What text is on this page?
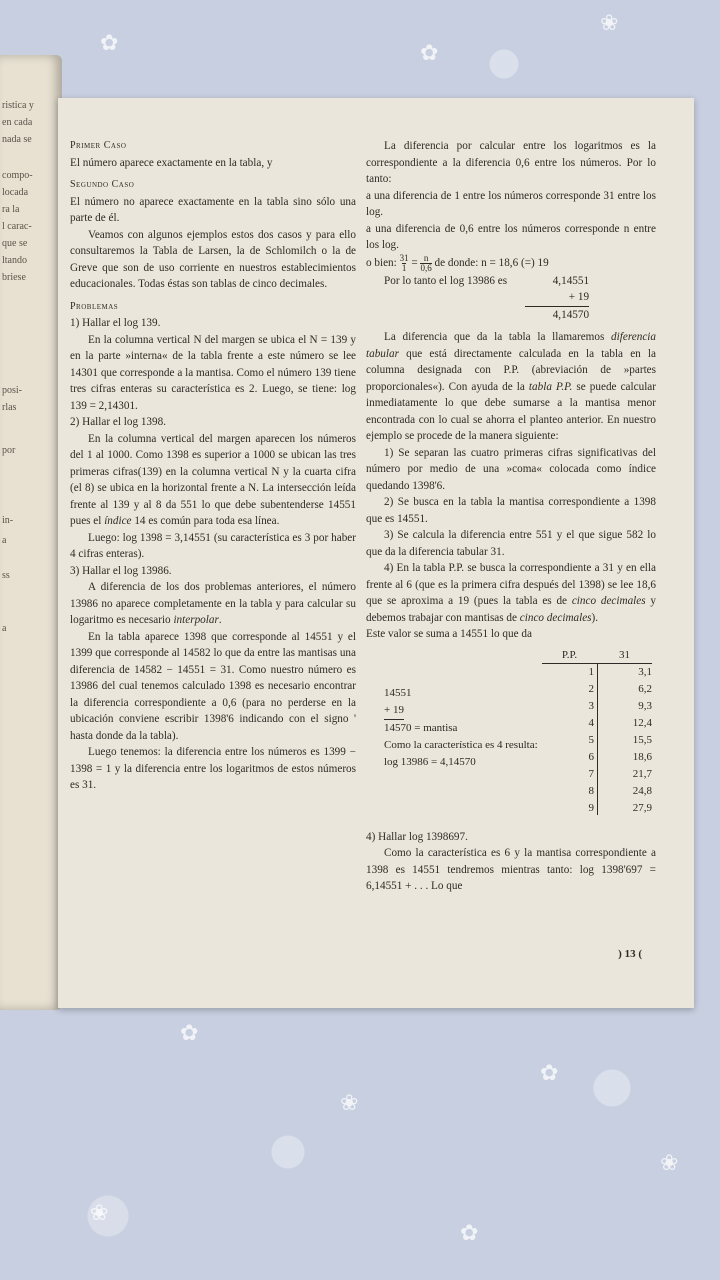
✿	✿
❀
✿
❀
✿
❀
✿
❀
ristica y
en cada
nada se
compo-
locada
ra la
l carac-
que se
ltando
briese
posi-
rlas
por
in-
a
ss
a

Primer Caso

El número aparece exactamente en la tabla, y

Segundo Caso

El número no aparece exactamente en la tabla sino sólo una parte de él.

Veamos con algunos ejemplos estos dos casos y para ello consultaremos la Tabla de Larsen, la de Schlomilch o la de Greve que son de uso corriente en nuestros establecimientos educacionales. Todas éstas son tablas de cinco decimales.

Problemas

1) Hallar el log 139.

En la columna vertical N del margen se ubica el N = 139 y en la parte »interna« de la tabla frente a este número se lee 14301 que corresponde a la mantisa. Como el número 139 tiene tres cifras enteras su característica es 2. Luego, se tiene: log 139 = 2,14301.

2) Hallar el log 1398.

En la columna vertical del margen aparecen los números del 1 al 1000. Como 1398 es superior a 1000 se ubican las tres primeras cifras(139) en la columna vertical N y la cuarta cifra (el 8) se ubica en la horizontal frente a N. La intersección leída frente al 139 y al 8 da 551 lo que debe subentenderse 14551 pues el índice 14 es común para toda esa línea.

Luego: log 1398 = 3,14551 (su característica es 3 por haber 4 cifras enteras).

3) Hallar el log 13986.

A diferencia de los dos problemas anteriores, el número 13986 no aparece completamente en la tabla y para calcular su logaritmo es necesario interpolar.

En la tabla aparece 1398 que corresponde al 14551 y el 1399 que corresponde al 14582 lo que da entre las mantisas una diferencia de 14582 − 14551 = 31. Como nuestro número es 13986 del cual tenemos calculado 1398 es necesario encontrar la diferencia correspondiente a 0,6 (para no perderse en la ubicación conviene escribir 1398'6 indicando con el signo ' hasta donde da la tabla).

Luego tenemos: la diferencia entre los números es 1399 − 1398 = 1 y la diferencia entre los logaritmos de estos números es 31.

La diferencia por calcular entre los logaritmos es la correspondiente a la diferencia 0,6 entre los números. Por lo tanto:

a una diferencia de 1 entre los números corresponde 31 entre los log.

a una diferencia de 0,6 entre los números corresponde n entre los log.

o bien: $\frac{31}{1} = \frac{n}{0,6}$ de donde: n = 18,6 (=) 19

Por lo tanto el log 13986 es	4,14551
+ 19
4,14570

La diferencia que da la tabla la llamaremos diferencia tabular que está directamente calculada en la tabla en la columna designada con P.P. (abreviación de »partes proporcionales«). Con ayuda de la tabla P.P. se puede calcular inmediatamente lo que debe sumarse a la mantisa menor encontrada con lo cual se ahorra el planteo anterior. En nuestro ejemplo se procede de la manera siguiente:

1) Se separan las cuatro primeras cifras significativas del número por medio de una »coma« colocada como índice quedando 1398'6.

2) Se busca en la tabla la mantisa correspondiente a 1398 que es 14551.

3) Se calcula la diferencia entre 551 y el que sigue 582 lo que da la diferencia tabular 31.

4) En la tabla P.P. se busca la correspondiente a 31 y en ella frente al 6 (que es la primera cifra después del 1398) se lee 18,6 que se aproxima a 19 (pues la tabla es de cinco decimales y debemos trabajar con mantisas de cinco decimales).

Este valor se suma a 14551 lo que da

14551
+ 19
14570 = mantisa
Como la característica es 4 resulta:
log 13986 = 4,14570
P.P.	31
1	3,1
2	6,2
3	9,3
4	12,4
5	15,5
6	18,6
7	21,7
8	24,8
9	27,9

4) Hallar log 1398697.

Como la característica es 6 y la mantisa correspondiente a 1398 es 14551 tendremos mientras tanto: log 1398'697 = 6,14551 + . . . Lo que

) 13 (
